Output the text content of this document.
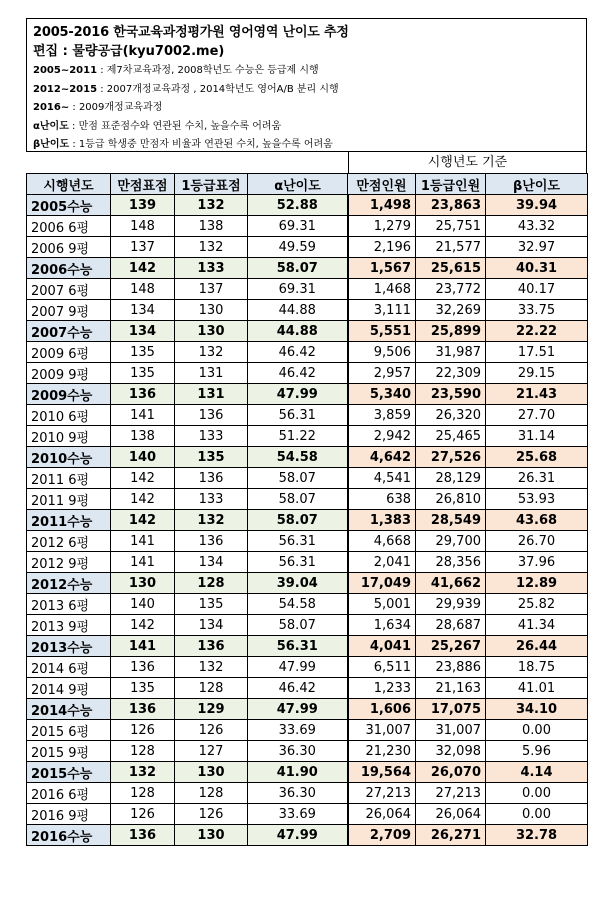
2005-2016 한국교육과정평가원 영어영역 난이도 추정
편집 : 물량공급(kyu7002.me)
2005~2011 : 제7차교육과정, 2008학년도 수능은 등급제 시행
2012~2015 : 2007개정교육과정 , 2014학년도 영어A/B 분리 시행
2016~ : 2009개정교육과정
α난이도 : 만점 표준점수와 연관된 수치, 높을수록 어려움
β난이도 : 1등급 학생중 만점자 비율과 연관된 수치, 높을수록 어려움
시행년도 기준
시행년도	만점표점	1등급표점	α난이도	만점인원	1등급인원	β난이도
2005수능	139	132	52.88	1,498	23,863	39.94
2006 6평	148	138	69.31	1,279	25,751	43.32
2006 9평	137	132	49.59	2,196	21,577	32.97
2006수능	142	133	58.07	1,567	25,615	40.31
2007 6평	148	137	69.31	1,468	23,772	40.17
2007 9평	134	130	44.88	3,111	32,269	33.75
2007수능	134	130	44.88	5,551	25,899	22.22
2009 6평	135	132	46.42	9,506	31,987	17.51
2009 9평	135	131	46.42	2,957	22,309	29.15
2009수능	136	131	47.99	5,340	23,590	21.43
2010 6평	141	136	56.31	3,859	26,320	27.70
2010 9평	138	133	51.22	2,942	25,465	31.14
2010수능	140	135	54.58	4,642	27,526	25.68
2011 6평	142	136	58.07	4,541	28,129	26.31
2011 9평	142	133	58.07	638	26,810	53.93
2011수능	142	132	58.07	1,383	28,549	43.68
2012 6평	141	136	56.31	4,668	29,700	26.70
2012 9평	141	134	56.31	2,041	28,356	37.96
2012수능	130	128	39.04	17,049	41,662	12.89
2013 6평	140	135	54.58	5,001	29,939	25.82
2013 9평	142	134	58.07	1,634	28,687	41.34
2013수능	141	136	56.31	4,041	25,267	26.44
2014 6평	136	132	47.99	6,511	23,886	18.75
2014 9평	135	128	46.42	1,233	21,163	41.01
2014수능	136	129	47.99	1,606	17,075	34.10
2015 6평	126	126	33.69	31,007	31,007	0.00
2015 9평	128	127	36.30	21,230	32,098	5.96
2015수능	132	130	41.90	19,564	26,070	4.14
2016 6평	128	128	36.30	27,213	27,213	0.00
2016 9평	126	126	33.69	26,064	26,064	0.00
2016수능	136	130	47.99	2,709	26,271	32.78
